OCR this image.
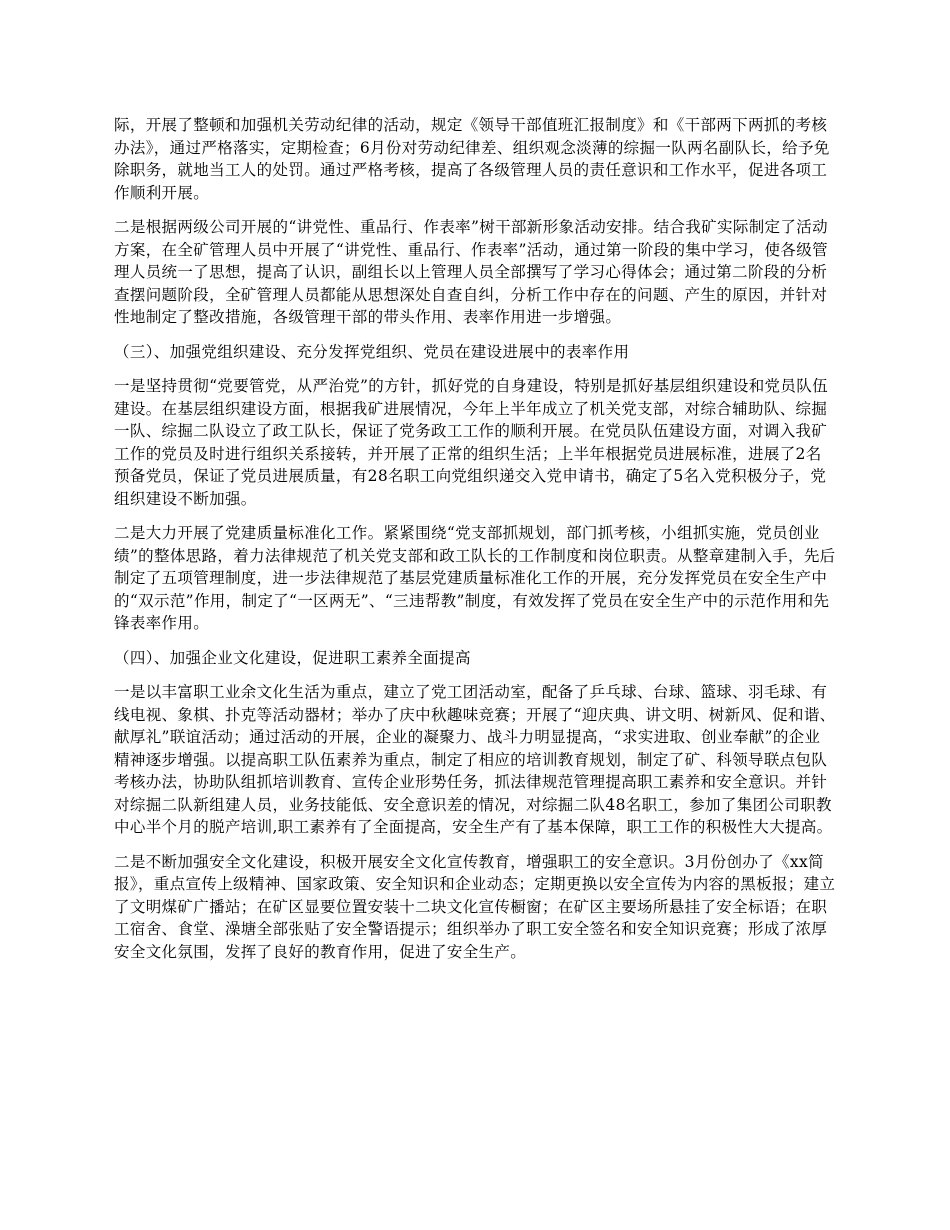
际，开展了整顿和加强机关劳动纪律的活动，规定《领导干部值班汇报制度》和《干部两下两抓的考核办法》，通过严格落实，定期检查；6月份对劳动纪律差、组织观念淡薄的综掘一队两名副队长，给予免除职务，就地当工人的处罚。通过严格考核，提高了各级管理人员的责任意识和工作水平，促进各项工作顺利开展。

二是根据两级公司开展的“讲党性、重品行、作表率”树干部新形象活动安排。结合我矿实际制定了活动方案，在全矿管理人员中开展了“讲党性、重品行、作表率”活动，通过第一阶段的集中学习，使各级管理人员统一了思想，提高了认识，副组长以上管理人员全部撰写了学习心得体会；通过第二阶段的分析查摆问题阶段，全矿管理人员都能从思想深处自查自纠，分析工作中存在的问题、产生的原因，并针对性地制定了整改措施，各级管理干部的带头作用、表率作用进一步增强。

（三）、加强党组织建设、充分发挥党组织、党员在建设进展中的表率作用

一是坚持贯彻“党要管党，从严治党”的方针，抓好党的自身建设，特别是抓好基层组织建设和党员队伍建设。在基层组织建设方面，根据我矿进展情况，今年上半年成立了机关党支部，对综合辅助队、综掘一队、综掘二队设立了政工队长，保证了党务政工工作的顺利开展。在党员队伍建设方面，对调入我矿工作的党员及时进行组织关系接转，并开展了正常的组织生活；上半年根据党员进展标准，进展了2名预备党员，保证了党员进展质量，有28名职工向党组织递交入党申请书，确定了5名入党积极分子，党组织建设不断加强。

二是大力开展了党建质量标准化工作。紧紧围绕“党支部抓规划，部门抓考核，小组抓实施，党员创业绩”的整体思路，着力法律规范了机关党支部和政工队长的工作制度和岗位职责。从整章建制入手，先后制定了五项管理制度，进一步法律规范了基层党建质量标准化工作的开展，充分发挥党员在安全生产中的“双示范”作用，制定了“一区两无”、“三违帮教”制度，有效发挥了党员在安全生产中的示范作用和先锋表率作用。

（四）、加强企业文化建设，促进职工素养全面提高

一是以丰富职工业余文化生活为重点，建立了党工团活动室，配备了乒乓球、台球、篮球、羽毛球、有线电视、象棋、扑克等活动器材；举办了庆中秋趣味竞赛；开展了“迎庆典、讲文明、树新风、促和谐、献厚礼”联谊活动；通过活动的开展，企业的凝聚力、战斗力明显提高，“求实进取、创业奉献”的企业精神逐步增强。以提高职工队伍素养为重点，制定了相应的培训教育规划，制定了矿、科领导联点包队考核办法，协助队组抓培训教育、宣传企业形势任务，抓法律规范管理提高职工素养和安全意识。并针对综掘二队新组建人员，业务技能低、安全意识差的情况，对综掘二队48名职工，参加了集团公司职教中心半个月的脱产培训,职工素养有了全面提高，安全生产有了基本保障，职工工作的积极性大大提高。

二是不断加强安全文化建设，积极开展安全文化宣传教育，增强职工的安全意识。3月份创办了《xx简报》，重点宣传上级精神、国家政策、安全知识和企业动态；定期更换以安全宣传为内容的黑板报；建立了文明煤矿广播站；在矿区显要位置安装十二块文化宣传橱窗；在矿区主要场所悬挂了安全标语；在职工宿舍、食堂、澡塘全部张贴了安全警语提示；组织举办了职工安全签名和安全知识竞赛；形成了浓厚安全文化氛围，发挥了良好的教育作用，促进了安全生产。
